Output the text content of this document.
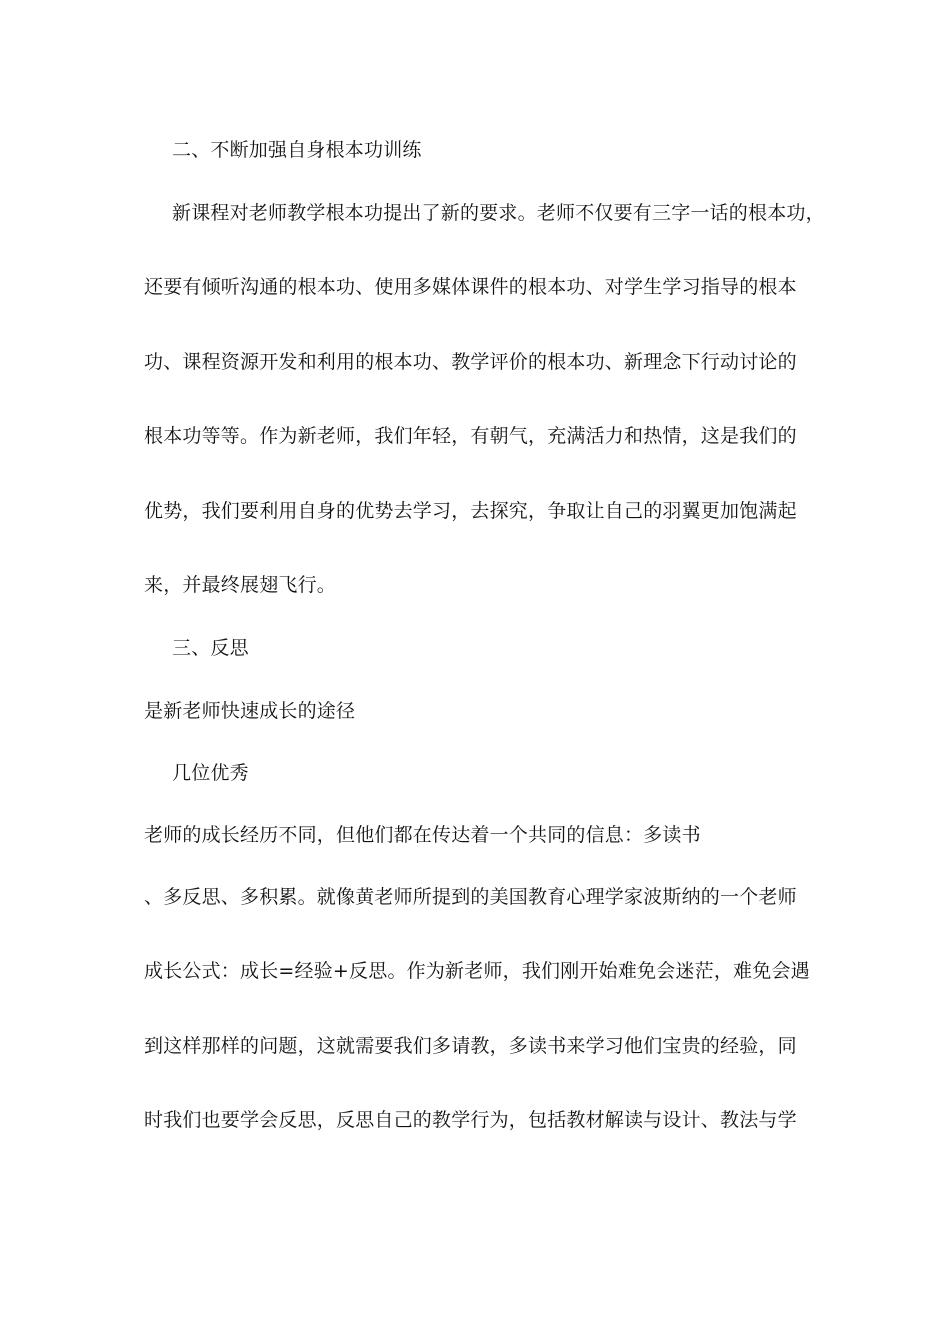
二、不断加强自身根本功训练
新课程对老师教学根本功提出了新的要求。老师不仅要有三字一话的根本功，
还要有倾听沟通的根本功、使用多媒体课件的根本功、对学生学习指导的根本
功、课程资源开发和利用的根本功、教学评价的根本功、新理念下行动讨论的
根本功等等。作为新老师，我们年轻，有朝气，充满活力和热情，这是我们的
优势，我们要利用自身的优势去学习，去探究，争取让自己的羽翼更加饱满起
来，并最终展翅飞行。
三、反思
是新老师快速成长的途径
几位优秀
老师的成长经历不同，但他们都在传达着一个共同的信息：多读书
、多反思、多积累。就像黄老师所提到的美国教育心理学家波斯纳的一个老师
成长公式：成长=经验+反思。作为新老师，我们刚开始难免会迷茫，难免会遇
到这样那样的问题，这就需要我们多请教，多读书来学习他们宝贵的经验，同
时我们也要学会反思，反思自己的教学行为，包括教材解读与设计、教法与学
